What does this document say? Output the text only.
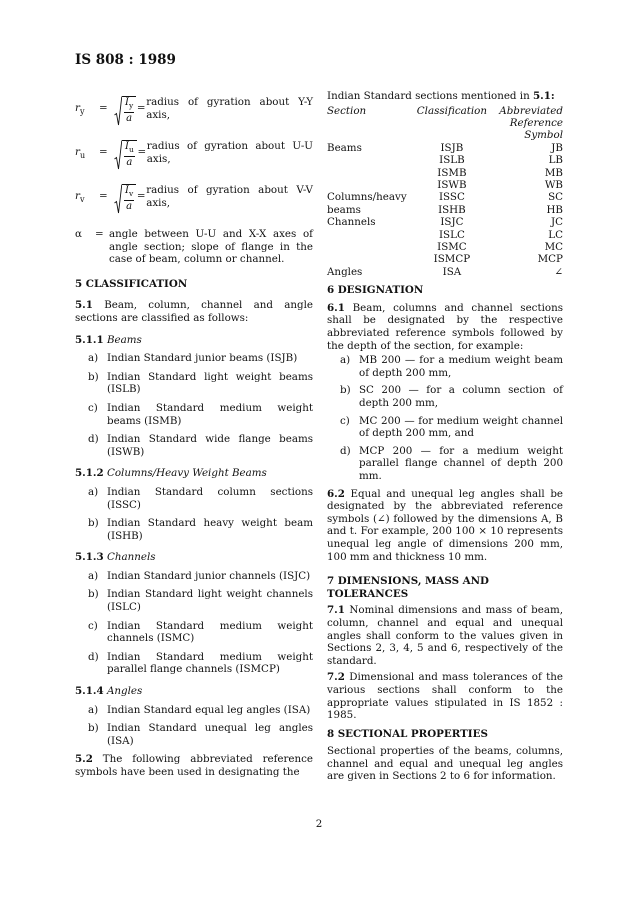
IS 808 : 1989
$r_y$	=	$\frac{I_y}{a}$ = radius of gyration about Y-Y axis,
$r_u$	=	$\frac{I_u}{a}$ = radius of gyration about U-U axis,
$r_v$	=	$\frac{I_v}{a}$ = radius of gyration about V-V axis,
α	= angle between U-U and X-X axes of angle section; slope of flange in the case of beam, column or channel.

5 CLASSIFICATION

5.1 Beam, column, channel and angle sections are classified as follows:

5.1.1 Beams

a) Indian Standard junior beams (ISJB)
b) Indian Standard light weight beams (ISLB)
c) Indian Standard medium weight beams (ISMB)
d) Indian Standard wide flange beams (ISWB)

5.1.2 Columns/Heavy Weight Beams

a) Indian Standard column sections (ISSC)
b) Indian Standard heavy weight beam (ISHB)

5.1.3 Channels

a) Indian Standard junior channels (ISJC)
b) Indian Standard light weight channels (ISLC)
c) Indian Standard medium weight channels (ISMC)
d) Indian Standard medium weight parallel flange channels (ISMCP)

5.1.4 Angles

a) Indian Standard equal leg angles (ISA)
b) Indian Standard unequal leg angles (ISA)

5.2 The following abbreviated reference symbols have been used in designating the

Indian Standard sections mentioned in 5.1:

Section	Classification	Abbreviated Reference Symbol
Beams	ISJB	JB
	ISLB	LB
	ISMB	MB
	ISWB	WB
Columns/heavy	ISSC	SC
beams	ISHB	HB
Channels	ISJC	JC
	ISLC	LC
	ISMC	MC
	ISMCP	MCP
Angles	ISA	∠

6 DESIGNATION

6.1 Beam, columns and channel sections shall be designated by the respective abbreviated reference symbols followed by the depth of the section, for example:

a) MB 200 — for a medium weight beam of depth 200 mm,
b) SC 200 — for a column section of depth 200 mm,
c) MC 200 — for medium weight channel of depth 200 mm, and
d) MCP 200 — for a medium weight parallel flange channel of depth 200 mm.

6.2 Equal and unequal leg angles shall be designated by the abbreviated reference symbols (∠) followed by the dimensions A, B and t. For example, 200 100 × 10 represents unequal leg angle of dimensions 200 mm, 100 mm and thickness 10 mm.

7 DIMENSIONS, MASS AND TOLERANCES

7.1 Nominal dimensions and mass of beam, column, channel and equal and unequal angles shall conform to the values given in Sections 2, 3, 4, 5 and 6, respectively of the standard.

7.2 Dimensional and mass tolerances of the various sections shall conform to the appropriate values stipulated in IS 1852 : 1985.

8 SECTIONAL PROPERTIES

Sectional properties of the beams, columns, channel and equal and unequal leg angles are given in Sections 2 to 6 for information.

2
